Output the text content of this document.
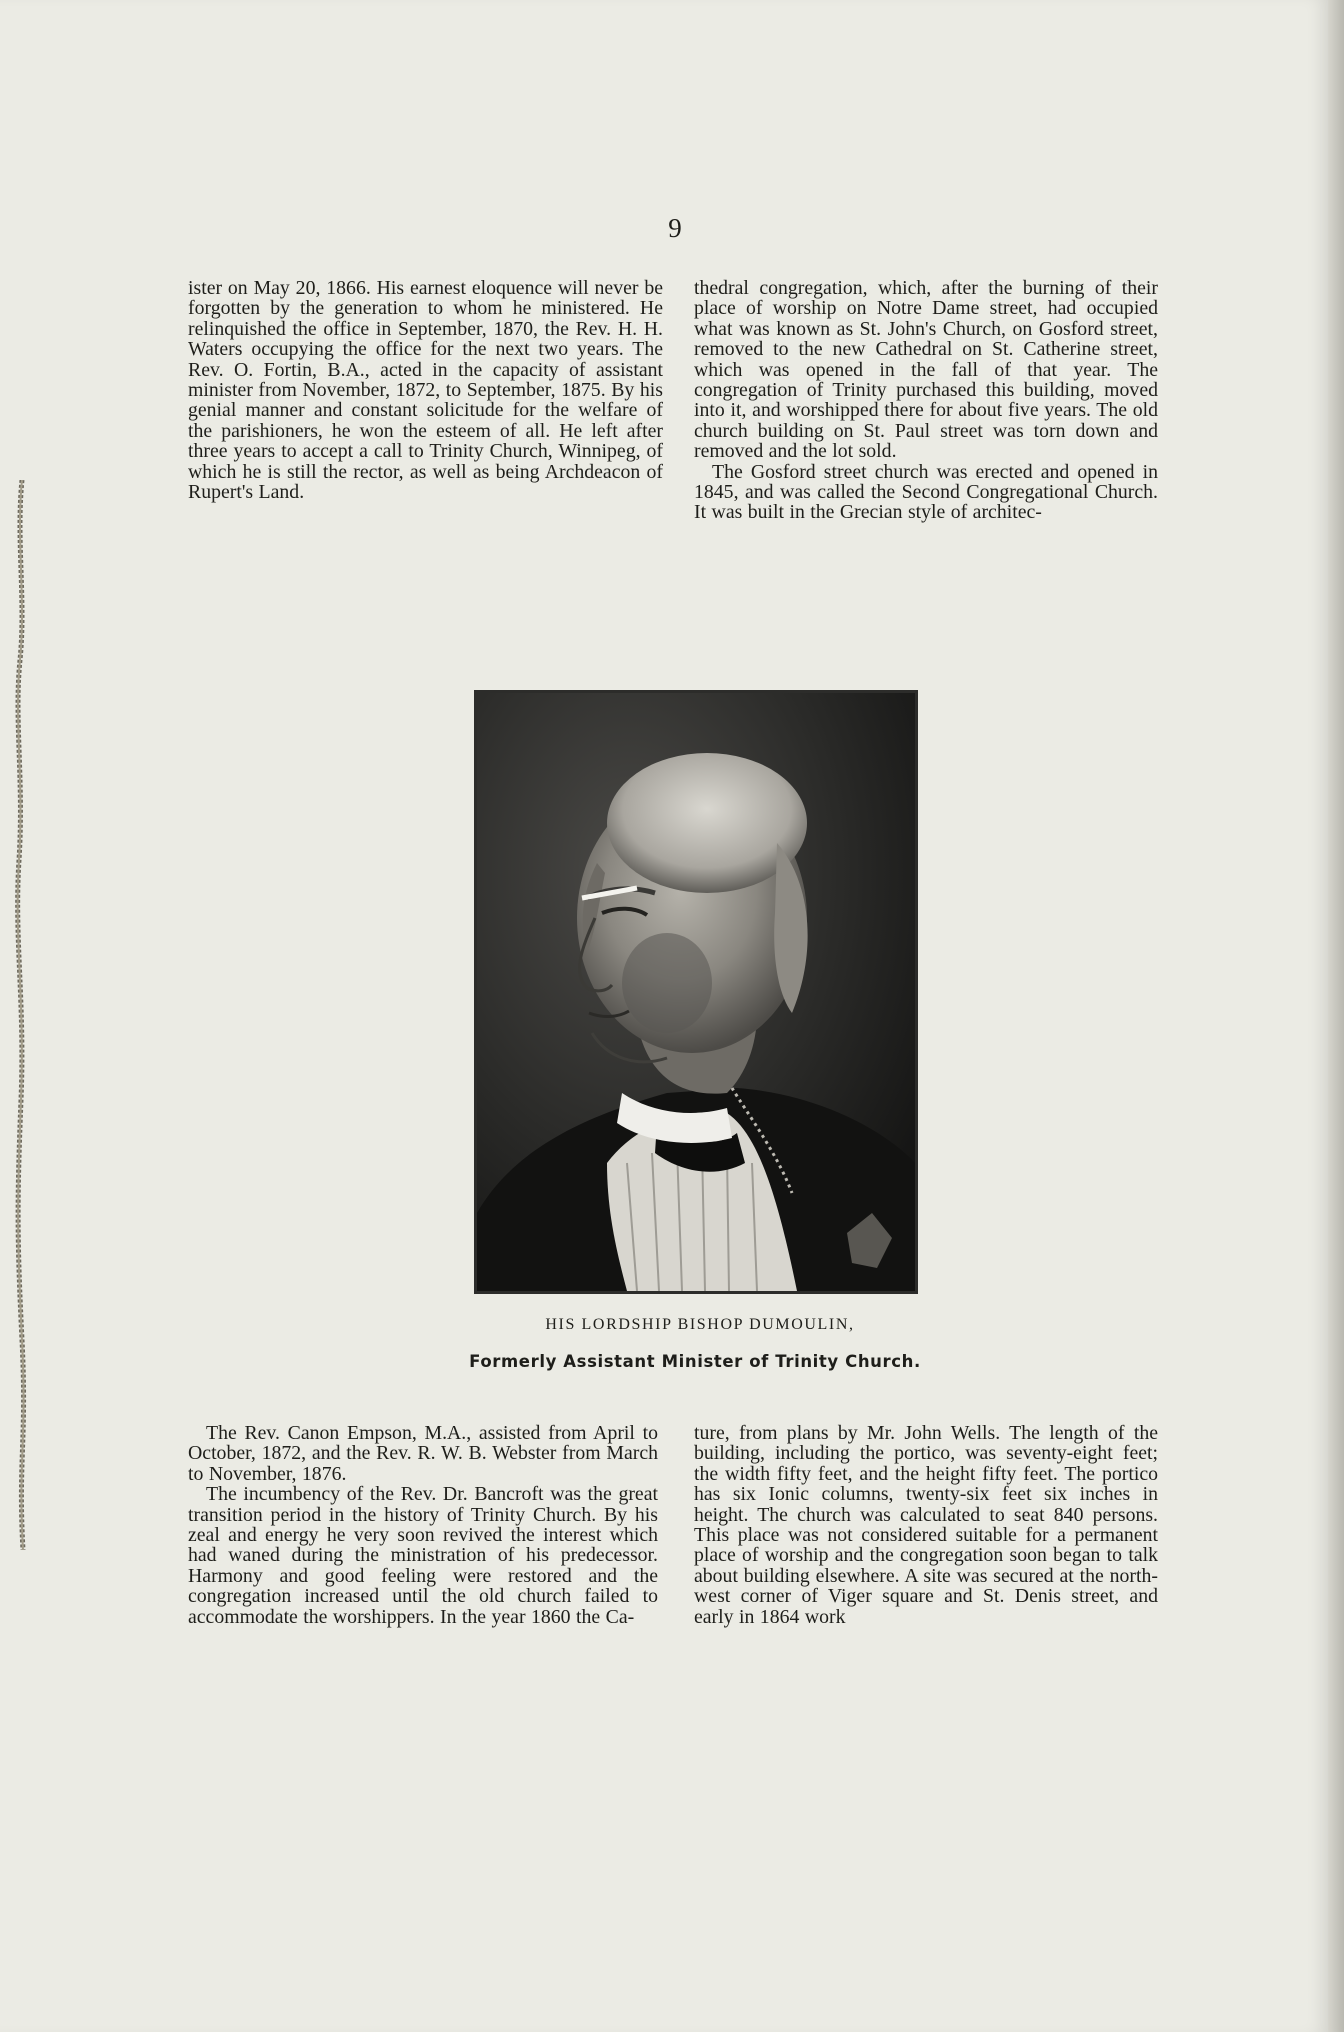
9

ister on May 20, 1866. His earnest eloquence will never be forgotten by the generation to whom he ministered. He relinquished the office in September, 1870, the Rev. H. H. Waters occupying the office for the next two years. The Rev. O. Fortin, B.A., acted in the capacity of assistant minister from November, 1872, to September, 1875. By his genial manner and constant solicitude for the welfare of the parishioners, he won the esteem of all. He left after three years to accept a call to Trinity Church, Winnipeg, of which he is still the rector, as well as being Archdeacon of Rupert's Land.

thedral congregation, which, after the burning of their place of worship on Notre Dame street, had occupied what was known as St. John's Church, on Gosford street, removed to the new Cathedral on St. Catherine street, which was opened in the fall of that year. The congregation of Trinity purchased this building, moved into it, and worshipped there for about five years. The old church building on St. Paul street was torn down and removed and the lot sold.

The Gosford street church was erected and opened in 1845, and was called the Second Congregational Church. It was built in the Grecian style of architec-

HIS LORDSHIP BISHOP DUMOULIN,
Formerly Assistant Minister of Trinity Church.

The Rev. Canon Empson, M.A., assisted from April to October, 1872, and the Rev. R. W. B. Webster from March to November, 1876.

The incumbency of the Rev. Dr. Bancroft was the great transition period in the history of Trinity Church. By his zeal and energy he very soon revived the interest which had waned during the ministration of his predecessor. Harmony and good feeling were restored and the congregation increased until the old church failed to accommodate the worshippers. In the year 1860 the Ca-

ture, from plans by Mr. John Wells. The length of the building, including the portico, was seventy-eight feet; the width fifty feet, and the height fifty feet. The portico has six Ionic columns, twenty-six feet six inches in height. The church was calculated to seat 840 persons. This place was not considered suitable for a permanent place of worship and the congregation soon began to talk about building elsewhere. A site was secured at the north-west corner of Viger square and St. Denis street, and early in 1864 work
